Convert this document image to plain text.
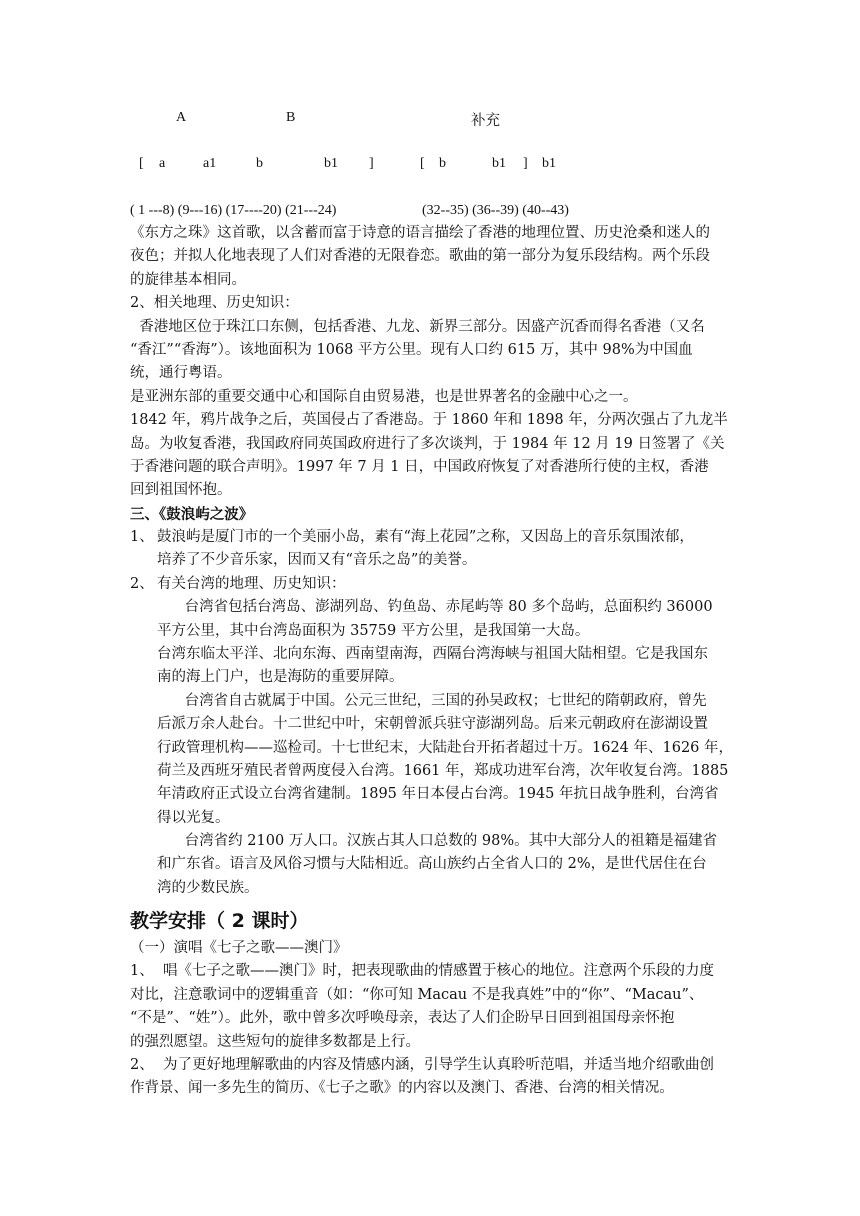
A	B	补充
[ a	a1	b	b1 ]	[ b	b1 ] b1
( 1 ---8) (9---16) (17----20) (21---24)	(32--35) (36--39) (40--43)
《东方之珠》这首歌，以含蓄而富于诗意的语言描绘了香港的地理位置、历史沧桑和迷人的
夜色；并拟人化地表现了人们对香港的无限眷恋。歌曲的第一部分为复乐段结构。两个乐段
的旋律基本相同。
2、相关地理、历史知识：
香港地区位于珠江口东侧，包括香港、九龙、新界三部分。因盛产沉香而得名香港（又名
“香江”“香海”）。该地面积为 1068 平方公里。现有人口约 615 万，其中 98%为中国血
统，通行粤语。
是亚洲东部的重要交通中心和国际自由贸易港，也是世界著名的金融中心之一。
1842 年，鸦片战争之后，英国侵占了香港岛。于 1860 年和 1898 年，分两次强占了九龙半
岛。为收复香港，我国政府同英国政府进行了多次谈判，于 1984 年 12 月 19 日签署了《关
于香港问题的联合声明》。1997 年 7 月 1 日，中国政府恢复了对香港所行使的主权，香港
回到祖国怀抱。
三、《鼓浪屿之波》
1、 鼓浪屿是厦门市的一个美丽小岛，素有“海上花园”之称，又因岛上的音乐氛围浓郁，
培养了不少音乐家，因而又有“音乐之岛”的美誉。
2、 有关台湾的地理、历史知识：
台湾省包括台湾岛、澎湖列岛、钓鱼岛、赤尾屿等 80 多个岛屿，总面积约 36000
平方公里，其中台湾岛面积为 35759 平方公里，是我国第一大岛。
台湾东临太平洋、北向东海、西南望南海，西隔台湾海峡与祖国大陆相望。它是我国东
南的海上门户，也是海防的重要屏障。
台湾省自古就属于中国。公元三世纪，三国的孙吴政权；七世纪的隋朝政府，曾先
后派万余人赴台。十二世纪中叶，宋朝曾派兵驻守澎湖列岛。后来元朝政府在澎湖设置
行政管理机构——巡检司。十七世纪末，大陆赴台开拓者超过十万。1624 年、1626 年，
荷兰及西班牙殖民者曾两度侵入台湾。1661 年，郑成功进军台湾，次年收复台湾。1885
年清政府正式设立台湾省建制。1895 年日本侵占台湾。1945 年抗日战争胜利，台湾省
得以光复。
台湾省约 2100 万人口。汉族占其人口总数的 98%。其中大部分人的祖籍是福建省
和广东省。语言及风俗习惯与大陆相近。高山族约占全省人口的 2%，是世代居住在台
湾的少数民族。
教学安排（ 2 课时）
（一）演唱《七子之歌——澳门》
1、  唱《七子之歌——澳门》时，把表现歌曲的情感置于核心的地位。注意两个乐段的力度
对比，注意歌词中的逻辑重音（如：“你可知 Macau 不是我真姓”中的“你”、“Macau”、
“不是”、“姓”）。此外，歌中曾多次呼唤母亲，表达了人们企盼早日回到祖国母亲怀抱
的强烈愿望。这些短句的旋律多数都是上行。
2、  为了更好地理解歌曲的内容及情感内涵，引导学生认真聆听范唱，并适当地介绍歌曲创
作背景、闻一多先生的简历、《七子之歌》的内容以及澳门、香港、台湾的相关情况。
